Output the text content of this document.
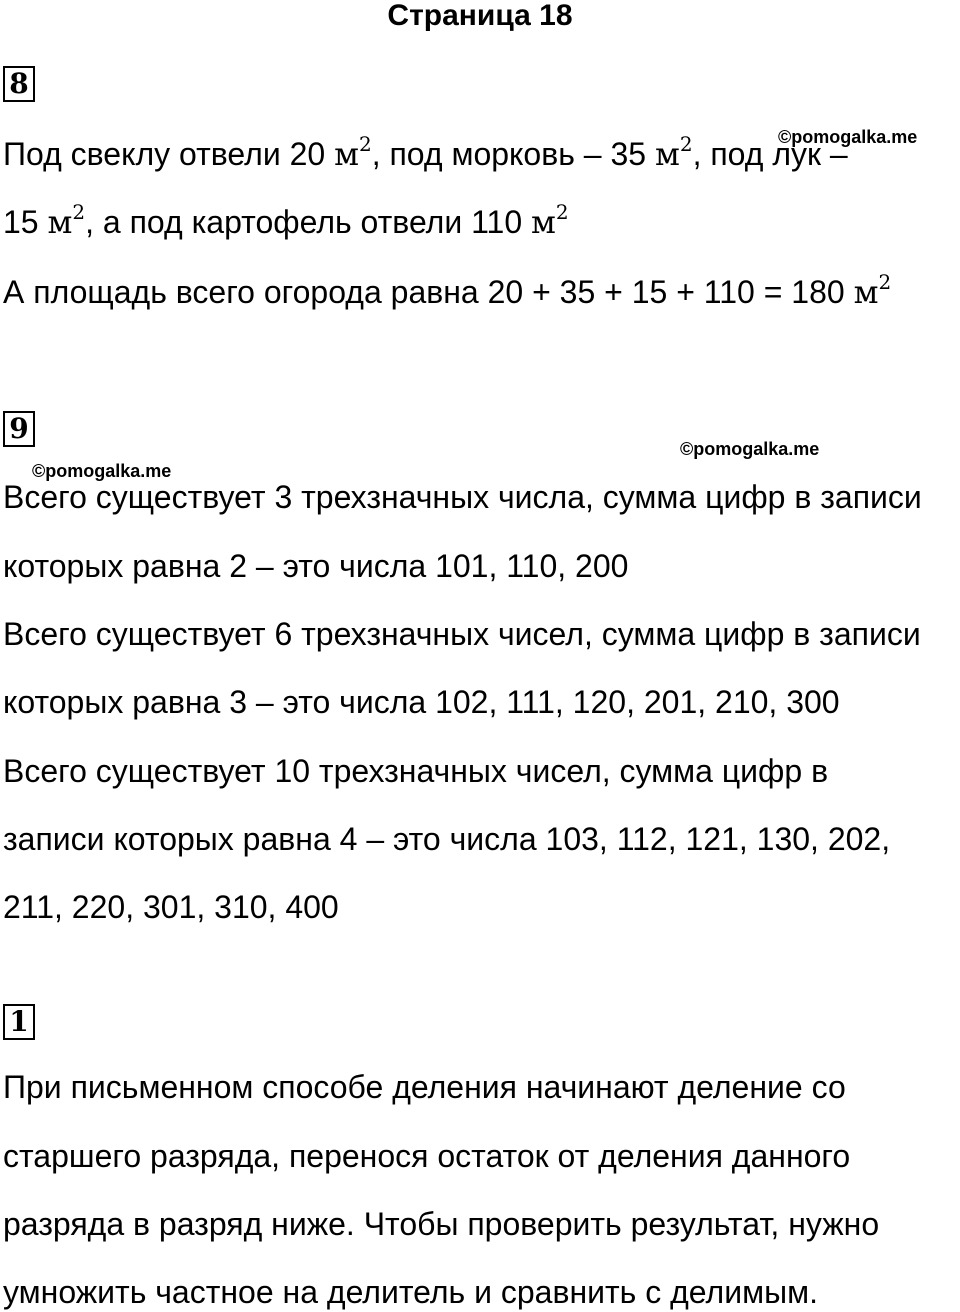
Страница 18
8
Под свеклу отвели 20 $м^2$, под морковь – 35 $м^2$, под лук –
15 $м^2$, а под картофель отвели 110 $м^2$
А площадь всего огорода равна 20 + 35 + 15 + 110 = 180 $м^2$
©pomogalka.me
9
©pomogalka.me
©pomogalka.me
Всего существует 3 трехзначных числа, сумма цифр в записи
которых равна 2 – это числа 101, 110, 200
Всего существует 6 трехзначных чисел, сумма цифр в записи
которых равна 3 – это числа 102, 111, 120, 201, 210, 300
Всего существует 10 трехзначных чисел, сумма цифр в
записи которых равна 4 – это числа 103, 112, 121, 130, 202,
211, 220, 301, 310, 400
1
При письменном способе деления начинают деление со
старшего разряда, перенося остаток от деления данного
разряда в разряд ниже. Чтобы проверить результат, нужно
умножить частное на делитель и сравнить с делимым.
